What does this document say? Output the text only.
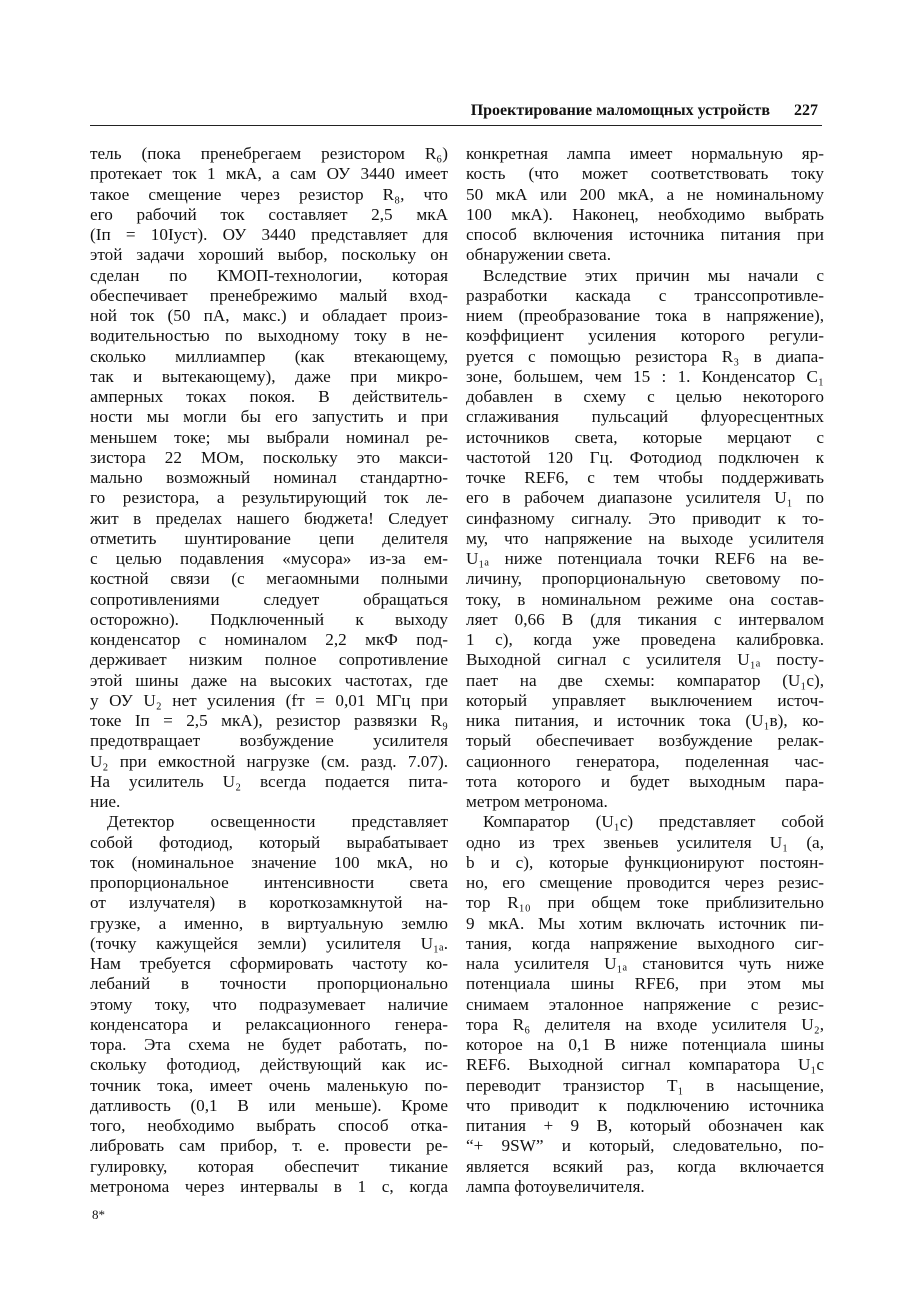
Проектирование маломощных устройств 227
тель (пока пренебрегаем резистором R₆)
протекает ток 1 мкА, а сам ОУ 3440 имеет
такое смещение через резистор R₈, что
его рабочий ток составляет 2,5 мкА
(Iп = 10Iуст). ОУ 3440 представляет для
этой задачи хороший выбор, поскольку он
сделан по КМОП-технологии, которая
обеспечивает пренебрежимо малый вход-
ной ток (50 пА, макс.) и обладает произ-
водительностью по выходному току в не-
сколько миллиампер (как втекающему,
так и вытекающему), даже при микро-
амперных токах покоя. В действитель-
ности мы могли бы его запустить и при
меньшем токе; мы выбрали номинал ре-
зистора 22 МОм, поскольку это макси-
мально возможный номинал стандартно-
го резистора, а результирующий ток ле-
жит в пределах нашего бюджета! Следует
отметить шунтирование цепи делителя
с целью подавления «мусора» из-за ем-
костной связи (с мегаомными полными
сопротивлениями следует обращаться
осторожно). Подключенный к выходу
конденсатор с номиналом 2,2 мкФ под-
держивает низким полное сопротивление
этой шины даже на высоких частотах, где
у ОУ U₂ нет усиления (fт = 0,01 МГц при
токе Iп = 2,5 мкА), резистор развязки R₉
предотвращает возбуждение усилителя
U₂ при емкостной нагрузке (см. разд. 7.07).
На усилитель U₂ всегда подается пита-
ние.
Детектор освещенности представляет
собой фотодиод, который вырабатывает
ток (номинальное значение 100 мкА, но
пропорциональное интенсивности света
от излучателя) в короткозамкнутой на-
грузке, а именно, в виртуальную землю
(точку кажущейся земли) усилителя U₁ₐ.
Нам требуется сформировать частоту ко-
лебаний в точности пропорционально
этому току, что подразумевает наличие
конденсатора и релаксационного генера-
тора. Эта схема не будет работать, по-
скольку фотодиод, действующий как ис-
точник тока, имеет очень маленькую по-
датливость (0,1 В или меньше). Кроме
того, необходимо выбрать способ отка-
либровать сам прибор, т. е. провести ре-
гулировку, которая обеспечит тикание
метронома через интервалы в 1 с, когда
конкретная лампа имеет нормальную яр-
кость (что может соответствовать току
50 мкА или 200 мкА, а не номинальному
100 мкА). Наконец, необходимо выбрать
способ включения источника питания при
обнаружении света.
Вследствие этих причин мы начали с
разработки каскада с транссопротивле-
нием (преобразование тока в напряжение),
коэффициент усиления которого регули-
руется с помощью резистора R₃ в диапа-
зоне, большем, чем 15 : 1. Конденсатор C₁
добавлен в схему с целью некоторого
сглаживания пульсаций флуоресцентных
источников света, которые мерцают с
частотой 120 Гц. Фотодиод подключен к
точке REF6, с тем чтобы поддерживать
его в рабочем диапазоне усилителя U₁ по
синфазному сигналу. Это приводит к то-
му, что напряжение на выходе усилителя
U₁ₐ ниже потенциала точки REF6 на ве-
личину, пропорциональную световому по-
току, в номинальном режиме она состав-
ляет 0,66 В (для тикания с интервалом
1 с), когда уже проведена калибровка.
Выходной сигнал с усилителя U₁ₐ посту-
пает на две схемы: компаратор (U₁c),
который управляет выключением источ-
ника питания, и источник тока (U₁в), ко-
торый обеспечивает возбуждение релак-
сационного генератора, поделенная час-
тота которого и будет выходным пара-
метром метронома.
Компаратор (U₁c) представляет собой
одно из трех звеньев усилителя U₁ (а,
b и с), которые функционируют постоян-
но, его смещение проводится через резис-
тор R₁₀ при общем токе приблизительно
9 мкА. Мы хотим включать источник пи-
тания, когда напряжение выходного сиг-
нала усилителя U₁ₐ становится чуть ниже
потенциала шины RFE6, при этом мы
снимаем эталонное напряжение с резис-
тора R₆ делителя на входе усилителя U₂,
которое на 0,1 В ниже потенциала шины
REF6. Выходной сигнал компаратора U₁c
переводит транзистор T₁ в насыщение,
что приводит к подключению источника
питания + 9 В, который обозначен как
“+ 9SW” и который, следовательно, по-
является всякий раз, когда включается
лампа фотоувеличителя.
8*
